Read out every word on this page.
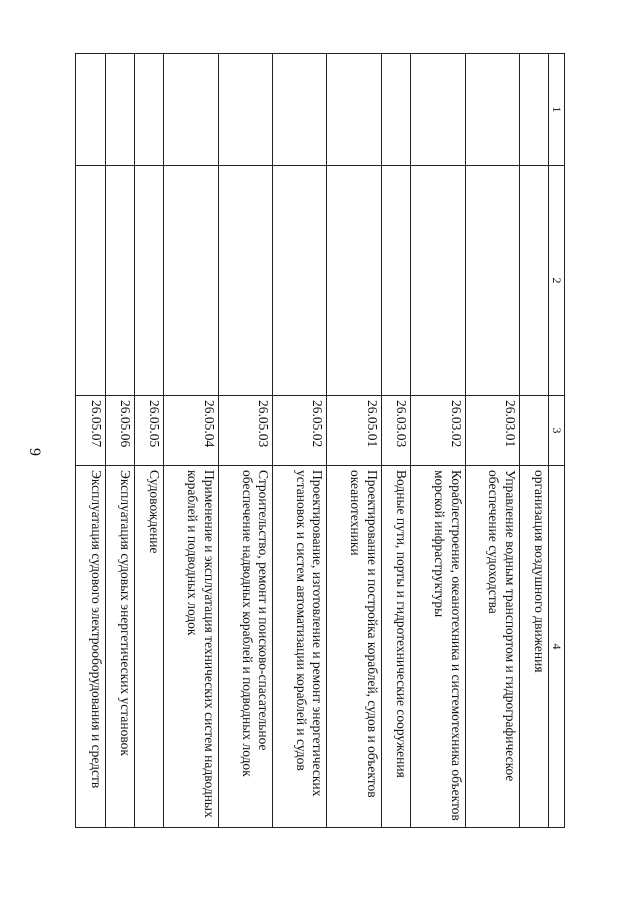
9
1	2	3	4
			организация воздушного движения
		26.03.01	Управление водным транспортом и гидрографическое обеспечение судоходства
		26.03.02	Кораблестроение, океанотехника и системотехника объектов морской инфраструктуры
		26.03.03	Водные пути, порты и гидротехнические сооружения
		26.05.01	Проектирование и постройка кораблей, судов и объектов океанотехники
		26.05.02	Проектирование, изготовление и ремонт энергетических установок и систем автоматизации кораблей и судов
		26.05.03	Строительство, ремонт и поисково-спасательное обеспечение надводных кораблей и подводных лодок
		26.05.04	Применение и эксплуатация технических систем надводных кораблей и подводных лодок
		26.05.05	Судовождение
		26.05.06	Эксплуатация судовых энергетических установок
		26.05.07	Эксплуатация судового электрооборудования и средств
